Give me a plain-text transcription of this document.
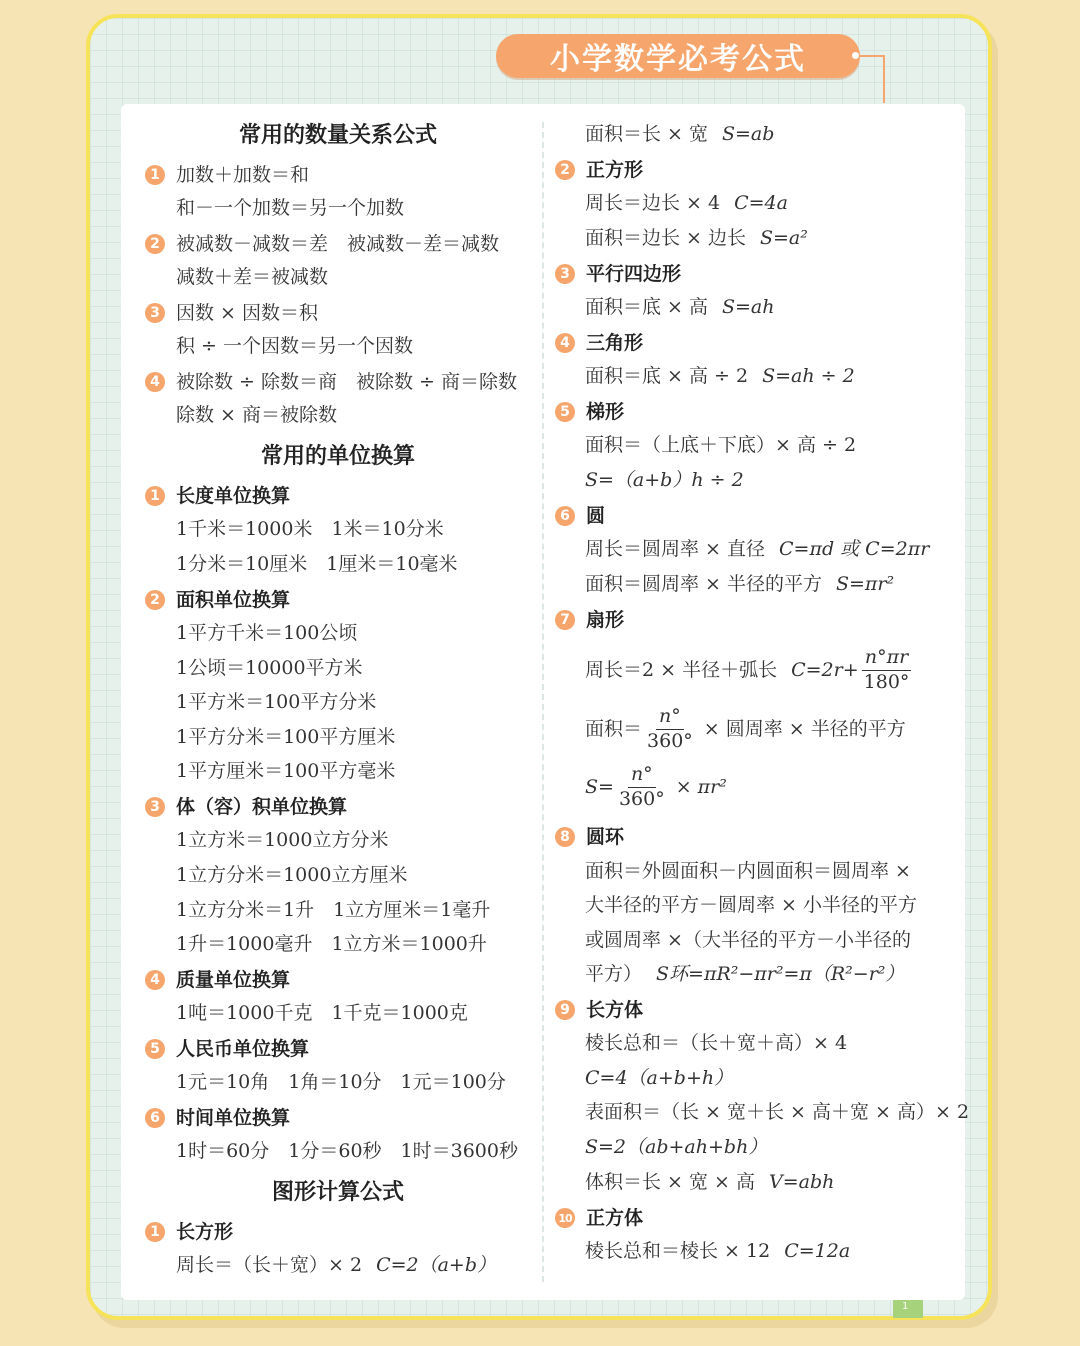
小学数学必考公式
常用的数量关系公式
1 加数＋加数＝和
和－一个加数＝另一个加数
2 被减数－减数＝差　被减数－差＝减数
减数＋差＝被减数
3 因数 × 因数＝积
积 ÷ 一个因数＝另一个因数
4 被除数 ÷ 除数＝商　被除数 ÷ 商＝除数
除数 × 商＝被除数
常用的单位换算
1 长度单位换算
1千米＝1000米　1米＝10分米
1分米＝10厘米　1厘米＝10毫米
2 面积单位换算
1平方千米＝100公顷
1公顷＝10000平方米
1平方米＝100平方分米
1平方分米＝100平方厘米
1平方厘米＝100平方毫米
3 体（容）积单位换算
1立方米＝1000立方分米
1立方分米＝1000立方厘米
1立方分米＝1升　1立方厘米＝1毫升
1升＝1000毫升　1立方米＝1000升
4 质量单位换算
1吨＝1000千克　1千克＝1000克
5 人民币单位换算
1元＝10角　1角＝10分　1元＝100分
6 时间单位换算
1时＝60分　1分＝60秒　1时＝3600秒
图形计算公式
1 长方形
周长＝（长＋宽）× 2 C=2（a+b）
面积＝长 × 宽 S=ab
2 正方形
周长＝边长 × 4 C=4a
面积＝边长 × 边长 S=a²
3 平行四边形
面积＝底 × 高 S=ah
4 三角形
面积＝底 × 高 ÷ 2 S=ah ÷ 2
5 梯形
面积＝（上底＋下底）× 高 ÷ 2
S=（a+b）h ÷ 2
6 圆
周长＝圆周率 × 直径 C=πd 或 C=2πr
面积＝圆周率 × 半径的平方 S=πr²
7 扇形
周长＝2 × 半径＋弧长 $C=2r+ \frac{n^\circ\pi r}{180^\circ}$
面积＝ $\frac{n^\circ}{360^\circ}$ × 圆周率 × 半径的平方
$S= \frac{n^\circ}{360^\circ} \times \pi r^2$
8 圆环
面积＝外圆面积－内圆面积＝圆周率 ×
大半径的平方－圆周率 × 小半径的平方
或圆周率 ×（大半径的平方－小半径的
平方） S环=πR²−πr²=π（R²−r²）
9 长方体
棱长总和＝（长＋宽＋高）× 4
C=4（a+b+h）
表面积＝（长 × 宽＋长 × 高＋宽 × 高）× 2
S=2（ab+ah+bh）
体积＝长 × 宽 × 高 V=abh
10 正方体
棱长总和＝棱长 × 12 C=12a
1
